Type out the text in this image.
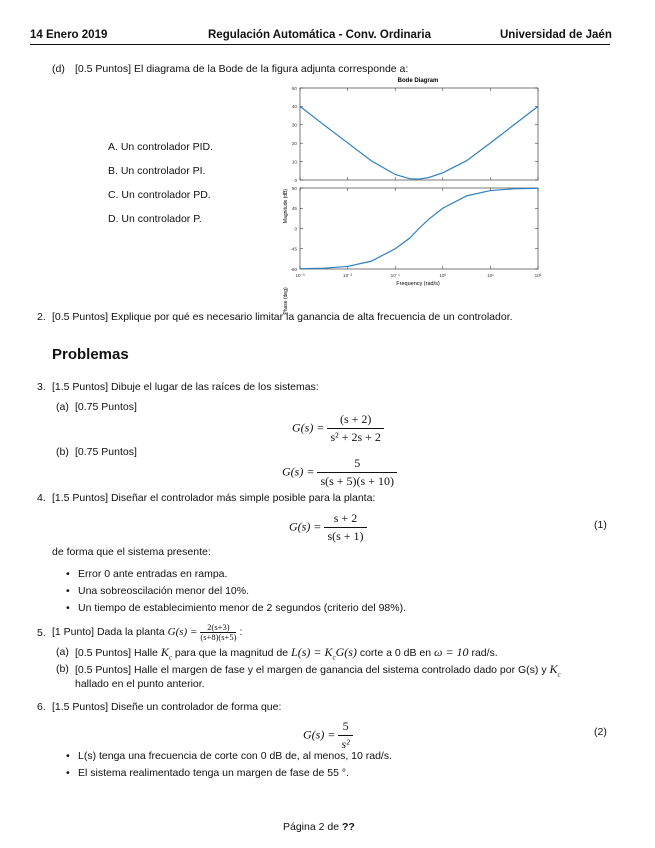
14 Enero 2019	Regulación Automática - Conv. Ordinaria	Universidad de Jaén
(d) [0.5 Puntos] El diagrama de la Bode de la figura adjunta corresponde a:
A. Un controlador PID.
B. Un controlador PI.
C. Un controlador PD.
D. Un controlador P.
Bode Diagram
50
40
30
20
10
0
90
45
0
-45
-90
10⁻³	10⁻²	10⁻¹	10⁰	10¹	10²
Frequency (rad/s)
Magnitude (dB)
Phase (deg)
2. [0.5 Puntos] Explique por qué es necesario limitar la ganancia de alta frecuencia de un controlador.
Problemas
3. [1.5 Puntos] Dibuje el lugar de las raíces de los sistemas:
(a) [0.75 Puntos]
$G(s) = \frac{(s + 2)}{\text{s² + 2s + 2}}$
(b) [0.75 Puntos]
$G(s) = \frac{5}{s(s + 5)(s + 10)}$
4. [1.5 Puntos] Diseñar el controlador más simple posible para la planta:
$G(s) = \frac{s + 2}{s(s + 1)}$	(1)
de forma que el sistema presente:
• Error 0 ante entradas en rampa.
• Una sobreoscilación menor del 10%.
• Un tiempo de establecimiento menor de 2 segundos (criterio del 98%).
5. [1 Punto] Dada la planta $G(s) = \frac{2(s+3)}{(s+8)(s+5)}$ :
(a) [0.5 Puntos] Halle $K_c$ para que la magnitud de $L(s) = K_cG(s)$ corte a 0 dB en ω = 10 rad/s.
(b) [0.5 Puntos] Halle el margen de fase y el margen de ganancia del sistema controlado dado por G(s) y $K_c$
hallado en el punto anterior.
6. [1.5 Puntos] Diseñe un controlador de forma que:
$G(s) = \frac{5}{\text{s²}}$	(2)
• L(s) tenga una frecuencia de corte con 0 dB de, al menos, 10 rad/s.
• El sistema realimentado tenga un margen de fase de 55 °.
Página 2 de ??
